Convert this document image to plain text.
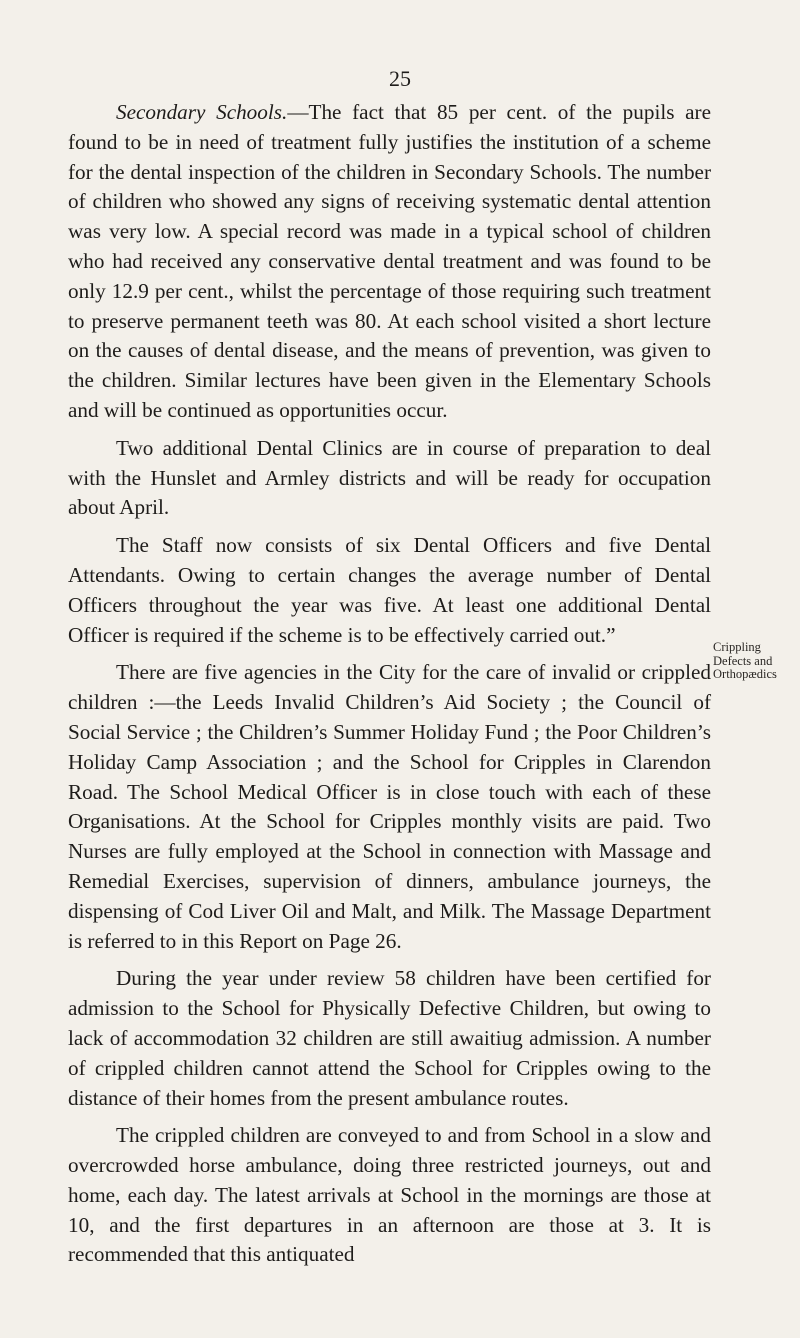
25

Secondary Schools.—The fact that 85 per cent. of the pupils are found to be in need of treatment fully justifies the institution of a scheme for the dental inspection of the children in Secondary Schools. The number of children who showed any signs of receiving systematic dental attention was very low. A special record was made in a typical school of children who had received any conservative dental treatment and was found to be only 12.9 per cent., whilst the percentage of those requiring such treatment to preserve permanent teeth was 80. At each school visited a short lecture on the causes of dental disease, and the means of prevention, was given to the children. Similar lectures have been given in the Elementary Schools and will be continued as opportunities occur.

Two additional Dental Clinics are in course of preparation to deal with the Hunslet and Armley districts and will be ready for occupation about April.

The Staff now consists of six Dental Officers and five Dental Attendants. Owing to certain changes the average number of Dental Officers throughout the year was five. At least one additional Dental Officer is required if the scheme is to be effectively carried out.”

There are five agencies in the City for the care of invalid or crippled children :—the Leeds Invalid Children’s Aid Society ; the Council of Social Service ; the Children’s Summer Holiday Fund ; the Poor Children’s Holiday Camp Association ; and the School for Cripples in Clarendon Road. The School Medical Officer is in close touch with each of these Organisations. At the School for Cripples monthly visits are paid. Two Nurses are fully employed at the School in connection with Massage and Remedial Exercises, supervision of dinners, ambulance journeys, the dispensing of Cod Liver Oil and Malt, and Milk. The Massage Department is referred to in this Report on Page 26.

During the year under review 58 children have been certified for admission to the School for Physically Defective Children, but owing to lack of accommodation 32 children are still awaitiug admission. A number of crippled children cannot attend the School for Cripples owing to the distance of their homes from the present ambulance routes.

The crippled children are conveyed to and from School in a slow and overcrowded horse ambulance, doing three restricted journeys, out and home, each day. The latest arrivals at School in the mornings are those at 10, and the first departures in an afternoon are those at 3. It is recommended that this antiquated

Crippling
Defects and
Orthopædics
